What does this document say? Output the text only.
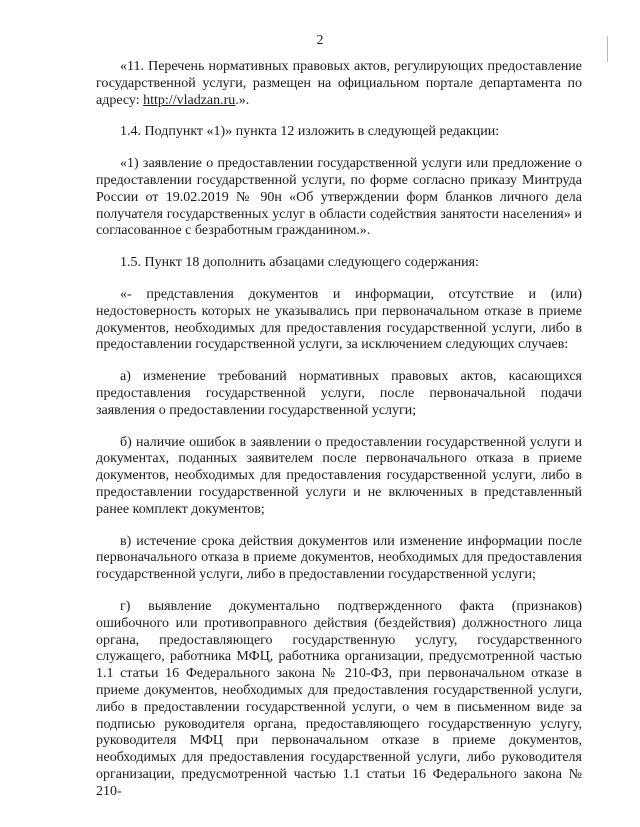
2

«11. Перечень нормативных правовых актов, регулирующих предоставление государственной услуги, размещен на официальном портале департамента по адресу: http://vladzan.ru.».

1.4. Подпункт «1)» пункта 12 изложить в следующей редакции:

«1) заявление о предоставлении государственной услуги или предложение о предоставлении государственной услуги, по форме согласно приказу Минтруда России от 19.02.2019 № 90н «Об утверждении форм бланков личного дела получателя государственных услуг в области содействия занятости населения» и согласованное с безработным гражданином.».

1.5. Пункт 18 дополнить абзацами следующего содержания:

«- представления документов и информации, отсутствие и (или) недостоверность которых не указывались при первоначальном отказе в приеме документов, необходимых для предоставления государственной услуги, либо в предоставлении государственной услуги, за исключением следующих случаев:

а) изменение требований нормативных правовых актов, касающихся предоставления государственной услуги, после первоначальной подачи заявления о предоставлении государственной услуги;

б) наличие ошибок в заявлении о предоставлении государственной услуги и документах, поданных заявителем после первоначального отказа в приеме документов, необходимых для предоставления государственной услуги, либо в предоставлении государственной услуги и не включенных в представленный ранее комплект документов;

в) истечение срока действия документов или изменение информации после первоначального отказа в приеме документов, необходимых для предоставления государственной услуги, либо в предоставлении государственной услуги;

г) выявление документально подтвержденного факта (признаков) ошибочного или противоправного действия (бездействия) должностного лица органа, предоставляющего государственную услугу, государственного служащего, работника МФЦ, работника организации, предусмотренной частью 1.1 статьи 16 Федерального закона № 210-ФЗ, при первоначальном отказе в приеме документов, необходимых для предоставления государственной услуги, либо в предоставлении государственной услуги, о чем в письменном виде за подписью руководителя органа, предоставляющего государственную услугу, руководителя МФЦ при первоначальном отказе в приеме документов, необходимых для предоставления государственной услуги, либо руководителя организации, предусмотренной частью 1.1 статьи 16 Федерального закона № 210-
